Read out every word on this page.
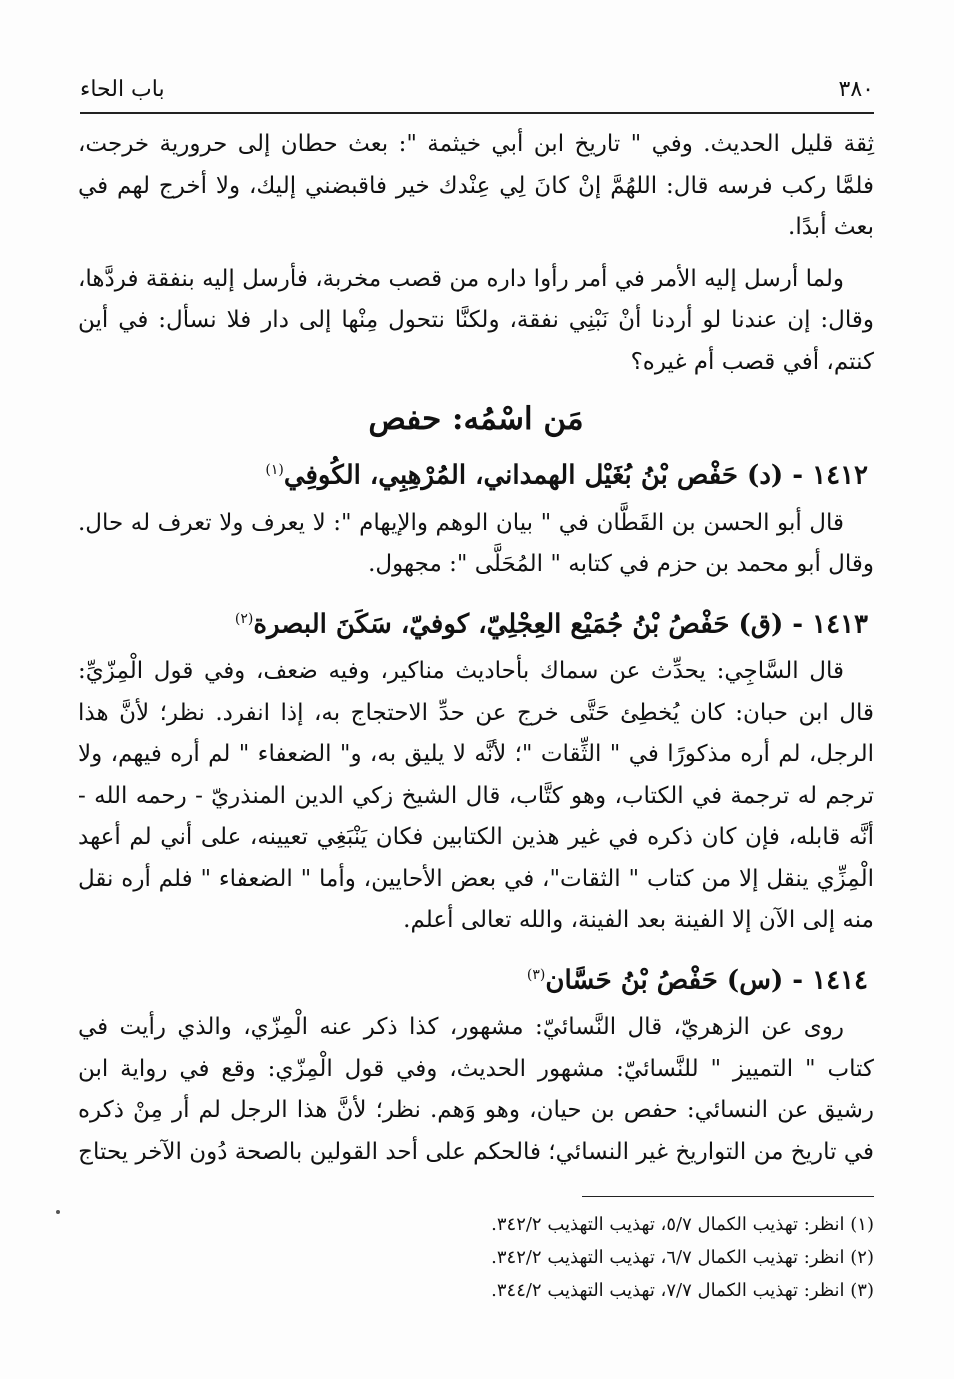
٣٨٠
باب الحاء

ثِقة قليل الحديث. وفي " تاريخ ابن أبي خيثمة ": بعث حطان إلى حرورية خرجت، فلمَّا ركب فرسه قال: اللهُمَّ إنْ كانَ لِي عِنْدك خير فاقبضني إليك، ولا أخرج لهم في بعث أبدًا.

ولما أرسل إليه الأمر في أمر رأوا داره من قصب مخربة، فأرسل إليه بنفقة فردَّها، وقال: إن عندنا لو أردنا أنْ نَبْنِي نفقة، ولكنَّا نتحول مِنْها إلى دار فلا نسأل: في أين كنتم، أفي قصب أم غيره؟

مَن اسْمُه: حفص
١٤١٢ - (د) حَفْص بْنُ بُغَيْل الهمداني، المُرْهِبِي، الكُوفِي$^{(١)}$

قال أبو الحسن بن القَطَّان في " بيان الوهم والإيهام ": لا يعرف ولا تعرف له حال. وقال أبو محمد بن حزم في كتابه " المُحَلَّى ": مجهول.

١٤١٣ - (ق) حَفْصُ بْنُ جُمَيْع العِجْلِيّ، كوفيّ، سَكَنَ البصرة$^{(٢)}$

قال السَّاجِي: يحدِّث عن سماك بأحاديث مناكير، وفيه ضعف، وفي قول الْمِزّيِّ: قال ابن حبان: كان يُخطِئ حَتَّى خرج عن حدِّ الاحتجاج به، إذا انفرد. نظر؛ لأنَّ هذا الرجل، لم أره مذكورًا في " الثِّقات "؛ لأنَّه لا يليق به، و" الضعفاء " لم أره فيهم، ولا ترجم له ترجمة في الكتاب، وهو كتَّاب، قال الشيخ زكي الدين المنذريّ - رحمه الله - أنَّه قابله، فإن كان ذكره في غير هذين الكتابين فكان يَنْبَغِي تعيينه، على أني لم أعهد الْمِزِّي ينقل إلا من كتاب " الثقات"، في بعض الأحايين، وأما " الضعفاء " فلم أره نقل منه إلى الآن إلا الفينة بعد الفينة، والله تعالى أعلم.

١٤١٤ - (س) حَفْصُ بْنُ حَسَّان$^{(٣)}$

روى عن الزهريّ، قال النَّسائيّ: مشهور، كذا ذكر عنه الْمِزّي، والذي رأيت في كتاب " التمييز " للنَّسائيّ: مشهور الحديث، وفي قول الْمِزّي: وقع في رواية ابن رشيق عن النسائي: حفص بن حيان، وهو وَهم. نظر؛ لأنَّ هذا الرجل لم أر مِنْ ذكره في تاريخ من التواريخ غير النسائي؛ فالحكم على أحد القولين بالصحة دُون الآخر يحتاج

(١) انظر: تهذيب الكمال ٥/٧، تهذيب التهذيب ٣٤٢/٢.
(٢) انظر: تهذيب الكمال ٦/٧، تهذيب التهذيب ٣٤٢/٢.
(٣) انظر: تهذيب الكمال ٧/٧، تهذيب التهذيب ٣٤٤/٢.
